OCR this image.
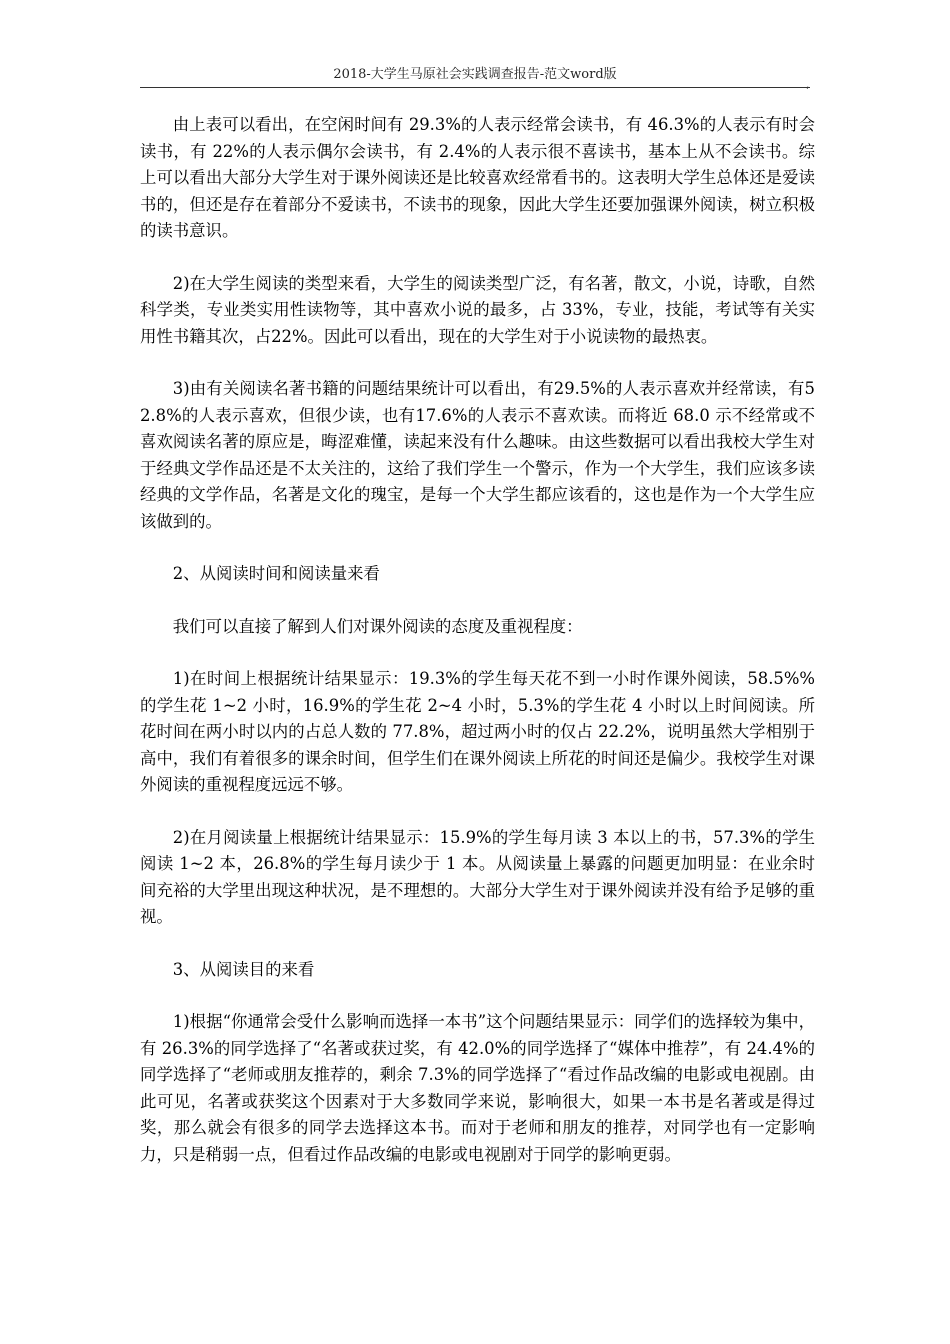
2018-大学生马原社会实践调查报告-范文word版
,

由上表可以看出，在空闲时间有 29.3%的人表示经常会读书，有 46.3%的人表示有时会读书，有 22%的人表示偶尔会读书，有 2.4%的人表示很不喜读书，基本上从不会读书。综上可以看出大部分大学生对于课外阅读还是比较喜欢经常看书的。这表明大学生总体还是爱读书的，但还是存在着部分不爱读书，不读书的现象，因此大学生还要加强课外阅读，树立积极的读书意识。

2)在大学生阅读的类型来看，大学生的阅读类型广泛，有名著，散文，小说，诗歌，自然科学类，专业类实用性读物等，其中喜欢小说的最多，占 33%，专业，技能，考试等有关实用性书籍其次，占22%。因此可以看出，现在的大学生对于小说读物的最热衷。

3)由有关阅读名著书籍的问题结果统计可以看出，有29.5%的人表示喜欢并经常读，有52.8%的人表示喜欢，但很少读，也有17.6%的人表示不喜欢读。而将近 68.0 示不经常或不喜欢阅读名著的原应是，晦涩难懂，读起来没有什么趣味。由这些数据可以看出我校大学生对于经典文学作品还是不太关注的，这给了我们学生一个警示，作为一个大学生，我们应该多读经典的文学作品，名著是文化的瑰宝，是每一个大学生都应该看的，这也是作为一个大学生应该做到的。

2、从阅读时间和阅读量来看

我们可以直接了解到人们对课外阅读的态度及重视程度：

1)在时间上根据统计结果显示：19.3%的学生每天花不到一小时作课外阅读，58.5%%的学生花 1~2 小时，16.9%的学生花 2~4 小时，5.3%的学生花 4 小时以上时间阅读。所花时间在两小时以内的占总人数的 77.8%，超过两小时的仅占 22.2%，说明虽然大学相别于高中，我们有着很多的课余时间，但学生们在课外阅读上所花的时间还是偏少。我校学生对课外阅读的重视程度远远不够。

2)在月阅读量上根据统计结果显示：15.9%的学生每月读 3 本以上的书，57.3%的学生阅读 1~2 本，26.8%的学生每月读少于 1 本。从阅读量上暴露的问题更加明显：在业余时间充裕的大学里出现这种状况，是不理想的。大部分大学生对于课外阅读并没有给予足够的重视。

3、从阅读目的来看

1)根据“你通常会受什么影响而选择一本书”这个问题结果显示：同学们的选择较为集中，有 26.3%的同学选择了“名著或获过奖，有 42.0%的同学选择了“媒体中推荐”，有 24.4%的同学选择了“老师或朋友推荐的，剩余 7.3%的同学选择了“看过作品改编的电影或电视剧。由此可见，名著或获奖这个因素对于大多数同学来说，影响很大，如果一本书是名著或是得过奖，那么就会有很多的同学去选择这本书。而对于老师和朋友的推荐，对同学也有一定影响力，只是稍弱一点，但看过作品改编的电影或电视剧对于同学的影响更弱。
